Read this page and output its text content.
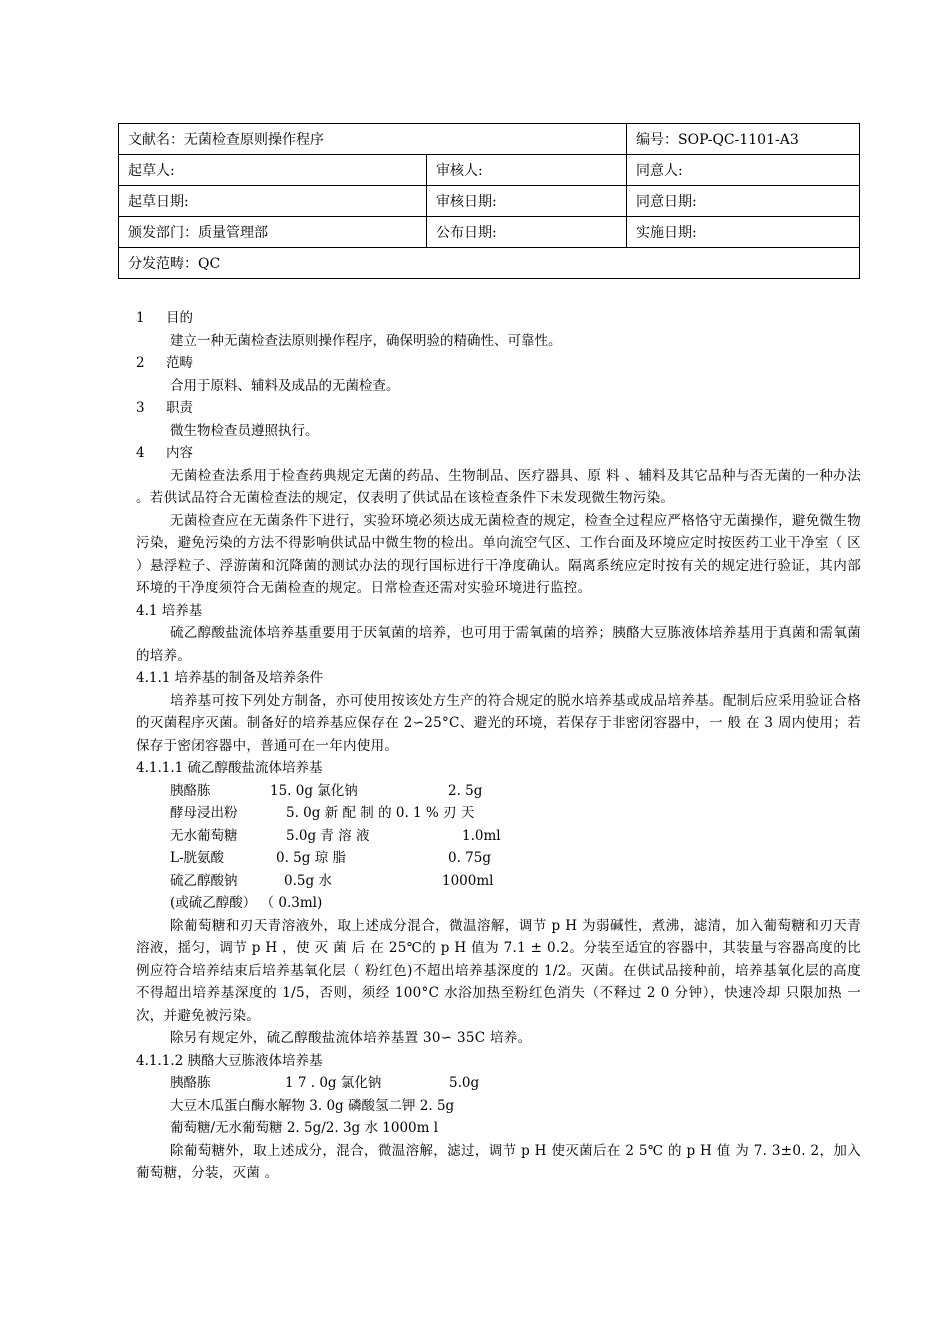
文献名：无菌检查原则操作程序		编号：SOP-QC-1101-A3
起草人:	审核人:	同意人:
起草日期:	审核日期:	同意日期:
颁发部门：质量管理部	公布日期:	实施日期:
分发范畴：QC		
1 目的
建立一种无菌检查法原则操作程序，确保明验的精确性、可靠性。
2 范畴
合用于原料、辅料及成品的无菌检查。
3 职责
微生物检查员遵照执行。
4 内容
无菌检查法系用于检查药典规定无菌的药品、生物制品、医疗器具、原 料 、辅料及其它品种与否无菌的一种办法 。若供试品符合无菌检查法的规定，仅表明了供试品在该检查条件下未发现微生物污染。
无菌检查应在无菌条件下进行，实验环境必须达成无菌检查的规定，检查全过程应严格恪守无菌操作，避免微生物污染，避免污染的方法不得影响供试品中微生物的检出。单向流空气区、工作台面及环境应定时按医药工业干净室（ 区 ）悬浮粒子、浮游菌和沉降菌的测试办法的现行国标进行干净度确认。隔离系统应定时按有关的规定进行验证，其内部环境的干净度须符合无菌检查的规定。日常检查还需对实验环境进行监控。
4.1 培养基
硫乙醇酸盐流体培养基重要用于厌氧菌的培养，也可用于需氧菌的培养；胰酪大豆胨液体培养基用于真菌和需氧菌的培养。
4.1.1 培养基的制备及培养条件
培养基可按下列处方制备，亦可使用按该处方生产的符合规定的脱水培养基或成品培养基。配制后应采用验证合格的灭菌程序灭菌。制备好的培养基应保存在 2∽25°C、避光的环境，若保存于非密闭容器中，一 般 在 3 周内使用；若保存于密闭容器中，普通可在一年内使用。
4.1.1.1 硫乙醇酸盐流体培养基
胰酪胨	15. 0g 氯化钠	2. 5g
酵母浸出粉	5. 0g 新 配 制 的 0. 1 % 刃 天
无水葡萄糖	5.0g 青 溶 液	1.0ml
L-胱氨酸	0. 5g 琼 脂	0. 75g
硫乙醇酸钠	0.5g 水	1000ml
(或硫乙醇酸） （ 0.3ml)
除葡萄糖和刃天青溶液外，取上述成分混合，微温溶解，调节 p H 为弱碱性，煮沸，滤清，加入葡萄糖和刃天青溶液，摇匀，调节 p H ，使 灭 菌 后 在 25℃的 p H 值为 7.1 ± 0.2。分装至适宜的容器中，其装量与容器高度的比例应符合培养结束后培养基氧化层（ 粉红色)不超出培养基深度的 1/2。灭菌。在供试品接种前，培养基氧化层的高度不得超出培养基深度的 1/5，否则，须经 100°C 水浴加热至粉红色消失（不释过 2 0 分钟），快速冷却 只限加热 一次，并避免被污染。
除另有规定外，硫乙醇酸盐流体培养基置 30∽ 35C 培养。
4.1.1.2 胰酪大豆胨液体培养基
胰酪胨	1 7 . 0g 氯化钠	5.0g
大豆木瓜蛋白酶水解物 3. 0g 磷酸氢二钾 2. 5g
葡萄糖/无水葡萄糖 2. 5g/2. 3g 水 1000m l
除葡萄糖外，取上述成分，混合，微温溶解，滤过，调节 p H 使灭菌后在 2 5℃ 的 p H 值 为 7. 3±0. 2，加入葡萄糖，分装，灭菌 。
